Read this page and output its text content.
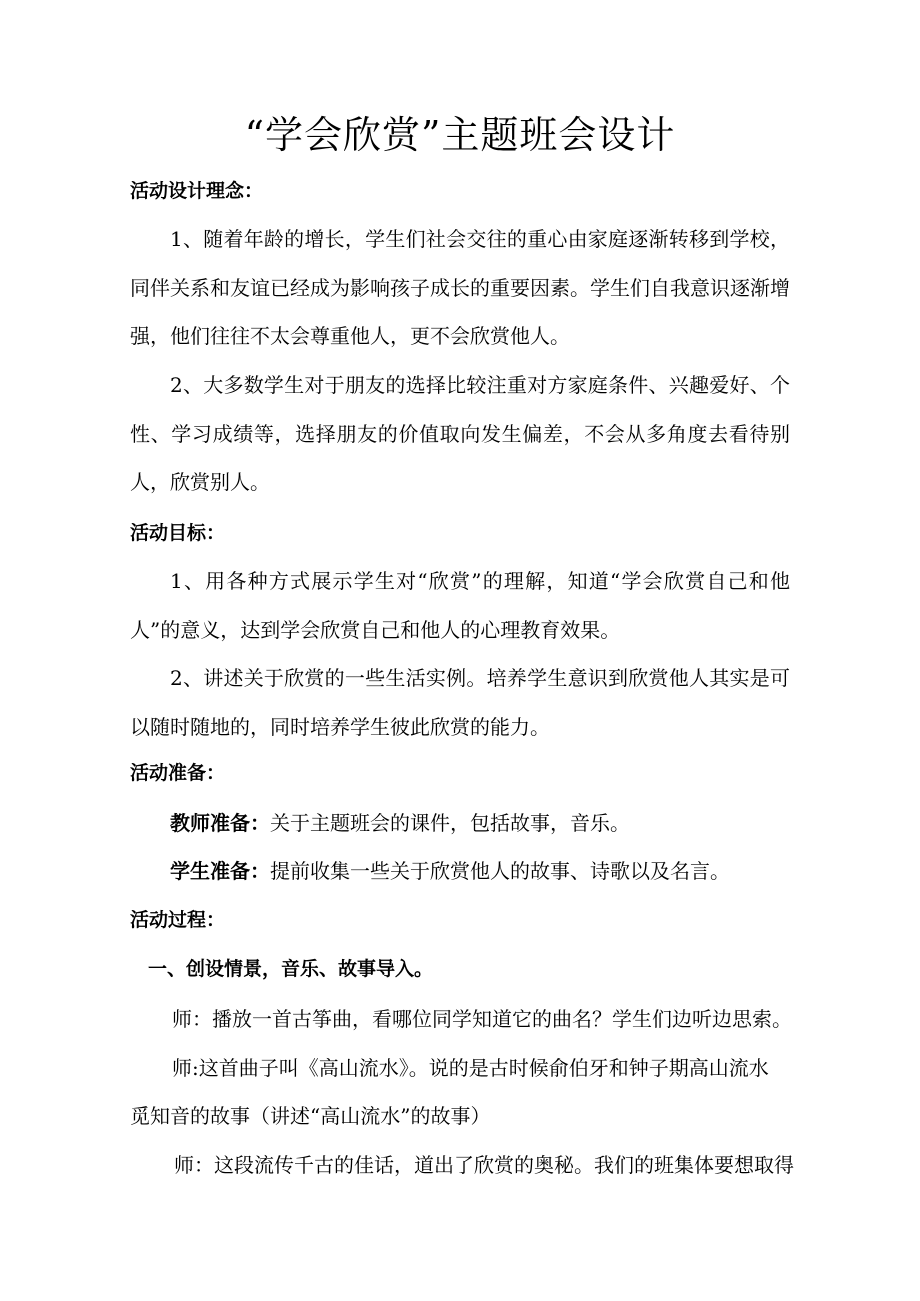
“学会欣赏”主题班会设计
活动设计理念：
1、随着年龄的增长，学生们社会交往的重心由家庭逐渐转移到学校，同伴关系和友谊已经成为影响孩子成长的重要因素。学生们自我意识逐渐增强，他们往往不太会尊重他人，更不会欣赏他人。
2、大多数学生对于朋友的选择比较注重对方家庭条件、兴趣爱好、个性、学习成绩等，选择朋友的价值取向发生偏差，不会从多角度去看待别人，欣赏别人。
活动目标：
1、用各种方式展示学生对“欣赏”的理解，知道“学会欣赏自己和他人”的意义，达到学会欣赏自己和他人的心理教育效果。
2、讲述关于欣赏的一些生活实例。培养学生意识到欣赏他人其实是可以随时随地的，同时培养学生彼此欣赏的能力。
活动准备：
教师准备：关于主题班会的课件，包括故事，音乐。
学生准备：提前收集一些关于欣赏他人的故事、诗歌以及名言。
活动过程：
一、创设情景，音乐、故事导入。
师：播放一首古筝曲，看哪位同学知道它的曲名？学生们边听边思索。
师:这首曲子叫《高山流水》。说的是古时候俞伯牙和钟子期高山流水
觅知音的故事（讲述“高山流水”的故事）
师：这段流传千古的佳话，道出了欣赏的奥秘。我们的班集体要想取得
